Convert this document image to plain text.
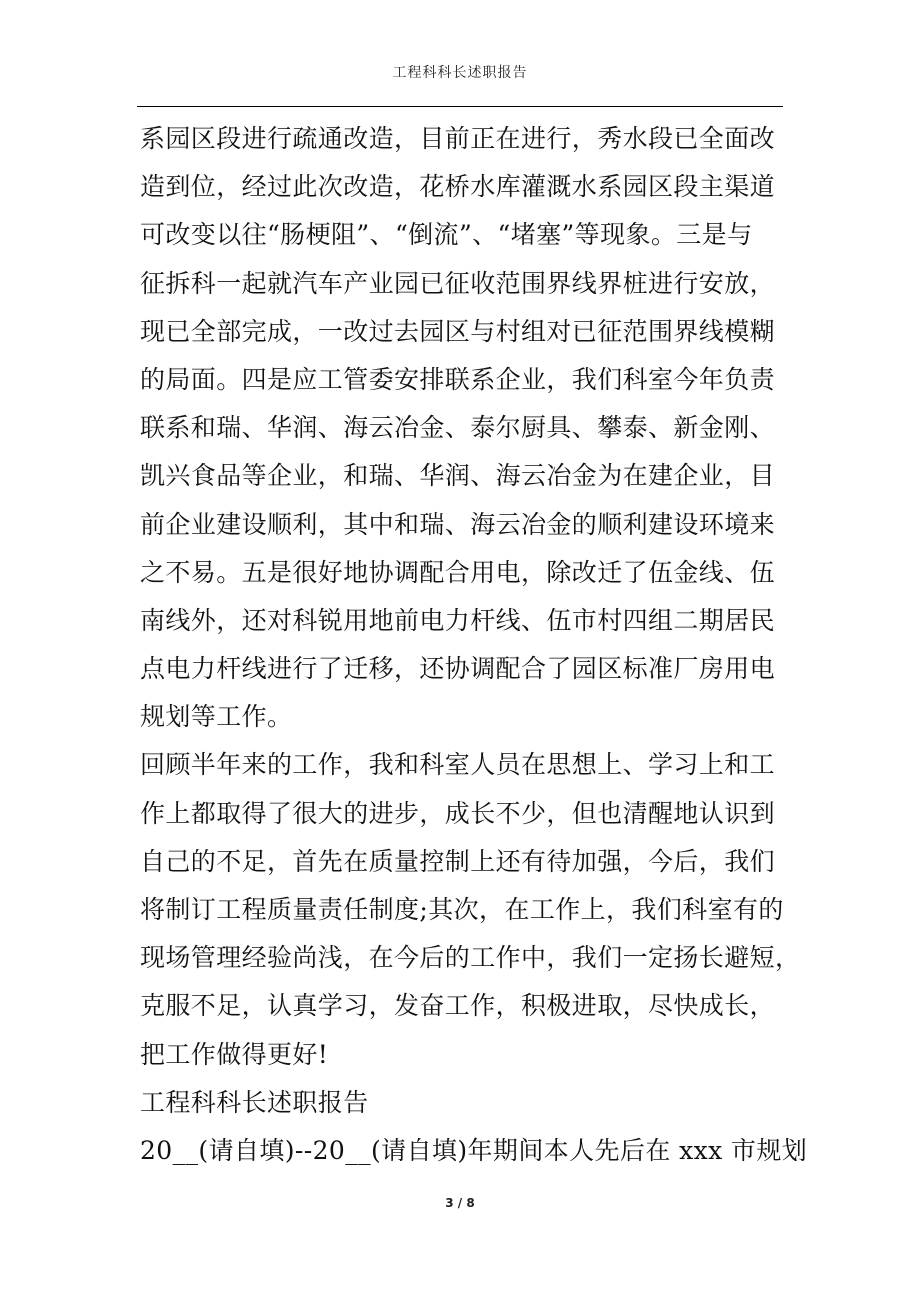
工程科科长述职报告
系园区段进行疏通改造，目前正在进行，秀水段已全面改
造到位，经过此次改造，花桥水库灌溉水系园区段主渠道
可改变以往“肠梗阻”、“倒流”、“堵塞”等现象。三是与
征拆科一起就汽车产业园已征收范围界线界桩进行安放，
现已全部完成，一改过去园区与村组对已征范围界线模糊
的局面。四是应工管委安排联系企业，我们科室今年负责
联系和瑞、华润、海云冶金、泰尔厨具、攀泰、新金刚、
凯兴食品等企业，和瑞、华润、海云冶金为在建企业，目
前企业建设顺利，其中和瑞、海云冶金的顺利建设环境来
之不易。五是很好地协调配合用电，除改迁了伍金线、伍
南线外，还对科锐用地前电力杆线、伍市村四组二期居民
点电力杆线进行了迁移，还协调配合了园区标准厂房用电
规划等工作。
回顾半年来的工作，我和科室人员在思想上、学习上和工
作上都取得了很大的进步，成长不少，但也清醒地认识到
自己的不足，首先在质量控制上还有待加强，今后，我们
将制订工程质量责任制度;其次，在工作上，我们科室有的
现场管理经验尚浅，在今后的工作中，我们一定扬长避短，
克服不足，认真学习，发奋工作，积极进取，尽快成长，
把工作做得更好!
工程科科长述职报告
20__(请自填)--20__(请自填)年期间本人先后在 xxx 市规划
3 / 8
